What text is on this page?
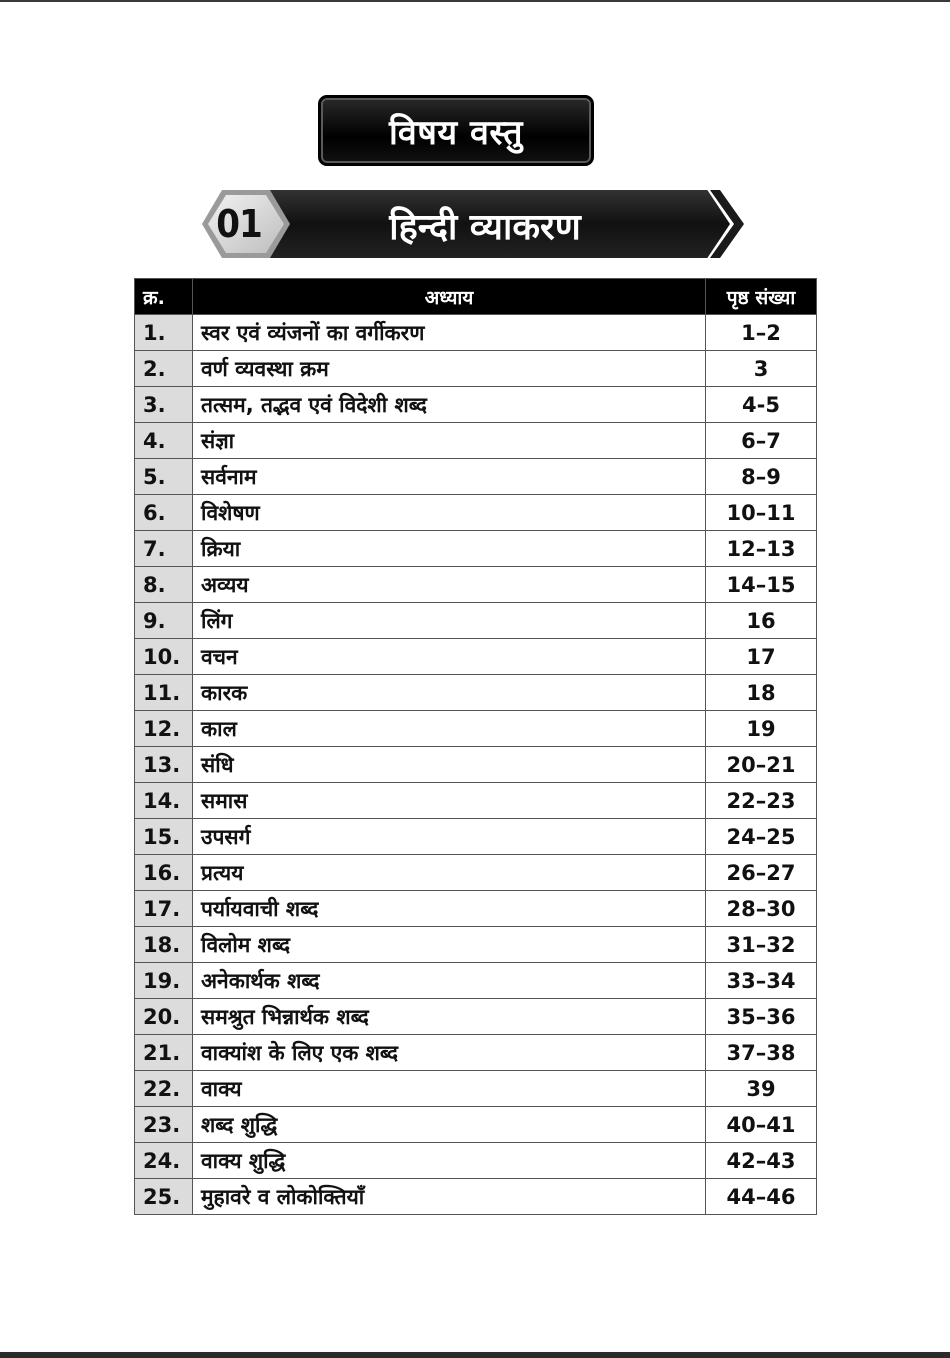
विषय वस्तु
01	हिन्दी व्याकरण
क्र.	अध्याय	पृष्ठ संख्या
1.	स्वर एवं व्यंजनों का वर्गीकरण	1–2
2.	वर्ण व्यवस्था क्रम	3
3.	तत्सम, तद्भव एवं विदेशी शब्द	4-5
4.	संज्ञा	6–7
5.	सर्वनाम	8–9
6.	विशेषण	10–11
7.	क्रिया	12–13
8.	अव्यय	14–15
9.	लिंग	16
10.	वचन	17
11.	कारक	18
12.	काल	19
13.	संधि	20–21
14.	समास	22–23
15.	उपसर्ग	24–25
16.	प्रत्यय	26–27
17.	पर्यायवाची शब्द	28–30
18.	विलोम शब्द	31–32
19.	अनेकार्थक शब्द	33–34
20.	समश्रुत भिन्नार्थक शब्द	35–36
21.	वाक्यांश के लिए एक शब्द	37–38
22.	वाक्य	39
23.	शब्द शुद्धि	40–41
24.	वाक्य शुद्धि	42–43
25.	मुहावरे व लोकोक्तियाँ	44–46
